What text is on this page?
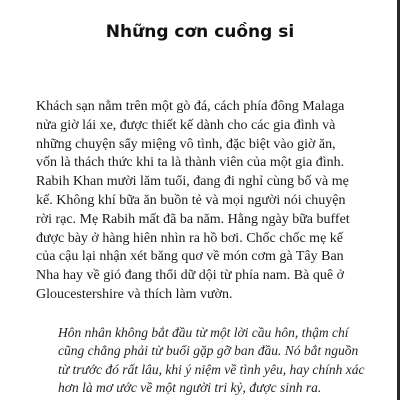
Những cơn cuồng si
Khách sạn nằm trên một gò đá, cách phía đông Malaga
nửa giờ lái xe, được thiết kế dành cho các gia đình và
những chuyện sẩy miệng vô tình, đặc biệt vào giờ ăn,
vốn là thách thức khi ta là thành viên của một gia đình.
Rabih Khan mười lăm tuổi, đang đi nghỉ cùng bố và mẹ
kế. Không khí bữa ăn buồn tẻ và mọi người nói chuyện
rời rạc. Mẹ Rabih mất đã ba năm. Hằng ngày bữa buffet
được bày ở hàng hiên nhìn ra hồ bơi. Chốc chốc mẹ kế
của cậu lại nhận xét băng quơ về món cơm gà Tây Ban
Nha hay về gió đang thổi dữ dội từ phía nam. Bà quê ở
Gloucestershire và thích làm vườn.
Hôn nhân không bắt đầu từ một lời cầu hôn, thậm chí
cũng chẳng phải từ buổi gặp gỡ ban đầu. Nó bắt nguồn
từ trước đó rất lâu, khi ý niệm về tình yêu, hay chính xác
hơn là mơ ước về một người tri kỷ, được sinh ra.
